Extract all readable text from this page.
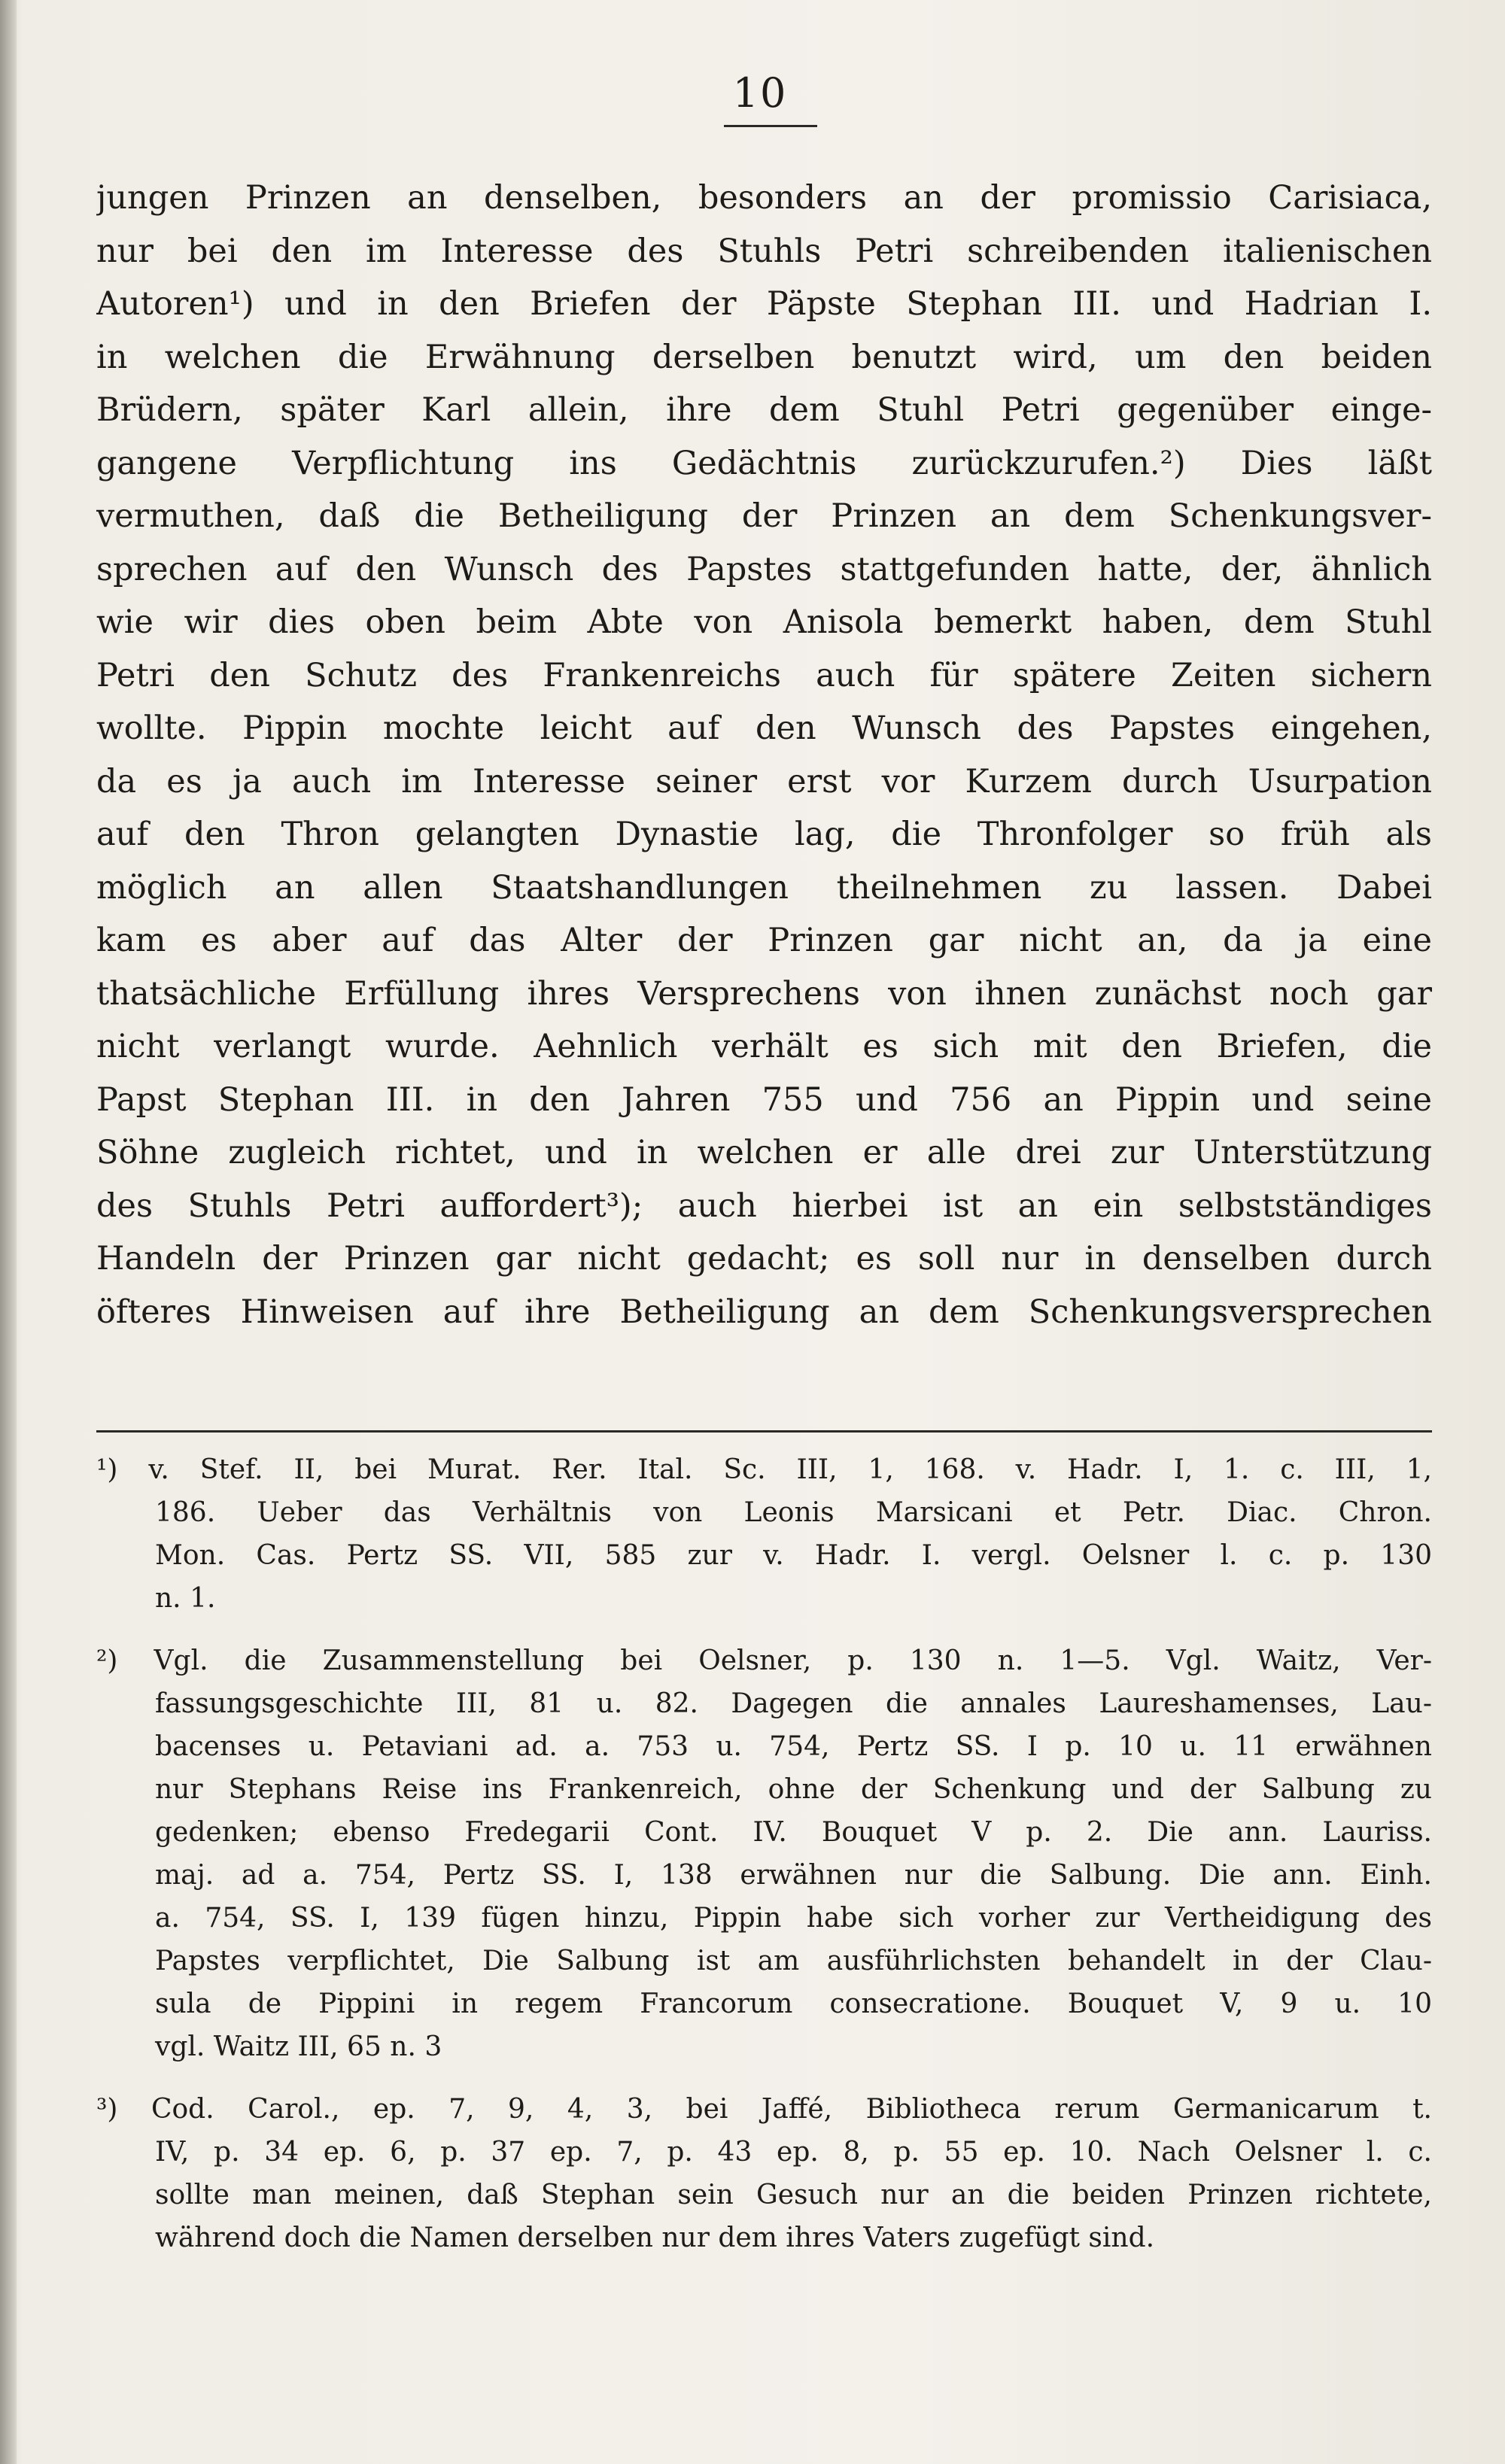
10
jungen Prinzen an denselben, besonders an der promissio Carisiaca,
nur bei den im Interesse des Stuhls Petri schreibenden italienischen
Autoren¹) und in den Briefen der Päpste Stephan III. und Hadrian I.
in welchen die Erwähnung derselben benutzt wird, um den beiden
Brüdern, später Karl allein, ihre dem Stuhl Petri gegenüber einge-
gangene Verpflichtung ins Gedächtnis zurückzurufen.²) Dies läßt
vermuthen, daß die Betheiligung der Prinzen an dem Schenkungsver-
sprechen auf den Wunsch des Papstes stattgefunden hatte, der, ähnlich
wie wir dies oben beim Abte von Anisola bemerkt haben, dem Stuhl
Petri den Schutz des Frankenreichs auch für spätere Zeiten sichern
wollte. Pippin mochte leicht auf den Wunsch des Papstes eingehen,
da es ja auch im Interesse seiner erst vor Kurzem durch Usurpation
auf den Thron gelangten Dynastie lag, die Thronfolger so früh als
möglich an allen Staatshandlungen theilnehmen zu lassen. Dabei
kam es aber auf das Alter der Prinzen gar nicht an, da ja eine
thatsächliche Erfüllung ihres Versprechens von ihnen zunächst noch gar
nicht verlangt wurde. Aehnlich verhält es sich mit den Briefen, die
Papst Stephan III. in den Jahren 755 und 756 an Pippin und seine
Söhne zugleich richtet, und in welchen er alle drei zur Unterstützung
des Stuhls Petri auffordert³); auch hierbei ist an ein selbstständiges
Handeln der Prinzen gar nicht gedacht; es soll nur in denselben durch
öfteres Hinweisen auf ihre Betheiligung an dem Schenkungsversprechen
¹) v. Stef. II, bei Murat. Rer. Ital. Sc. III, 1, 168. v. Hadr. I, 1. c. III, 1,
186. Ueber das Verhältnis von Leonis Marsicani et Petr. Diac. Chron.
Mon. Cas. Pertz SS. VII, 585 zur v. Hadr. I. vergl. Oelsner l. c. p. 130
n. 1.
²) Vgl. die Zusammenstellung bei Oelsner, p. 130 n. 1—5. Vgl. Waitz, Ver-
fassungsgeschichte III, 81 u. 82. Dagegen die annales Laureshamenses, Lau-
bacenses u. Petaviani ad. a. 753 u. 754, Pertz SS. I p. 10 u. 11 erwähnen
nur Stephans Reise ins Frankenreich, ohne der Schenkung und der Salbung zu
gedenken; ebenso Fredegarii Cont. IV. Bouquet V p. 2. Die ann. Lauriss.
maj. ad a. 754, Pertz SS. I, 138 erwähnen nur die Salbung. Die ann. Einh.
a. 754, SS. I, 139 fügen hinzu, Pippin habe sich vorher zur Vertheidigung des
Papstes verpflichtet, Die Salbung ist am ausführlichsten behandelt in der Clau-
sula de Pippini in regem Francorum consecratione. Bouquet V, 9 u. 10
vgl. Waitz III, 65 n. 3
³) Cod. Carol., ep. 7, 9, 4, 3, bei Jaffé, Bibliotheca rerum Germanicarum t.
IV, p. 34 ep. 6, p. 37 ep. 7, p. 43 ep. 8, p. 55 ep. 10. Nach Oelsner l. c.
sollte man meinen, daß Stephan sein Gesuch nur an die beiden Prinzen richtete,
während doch die Namen derselben nur dem ihres Vaters zugefügt sind.
